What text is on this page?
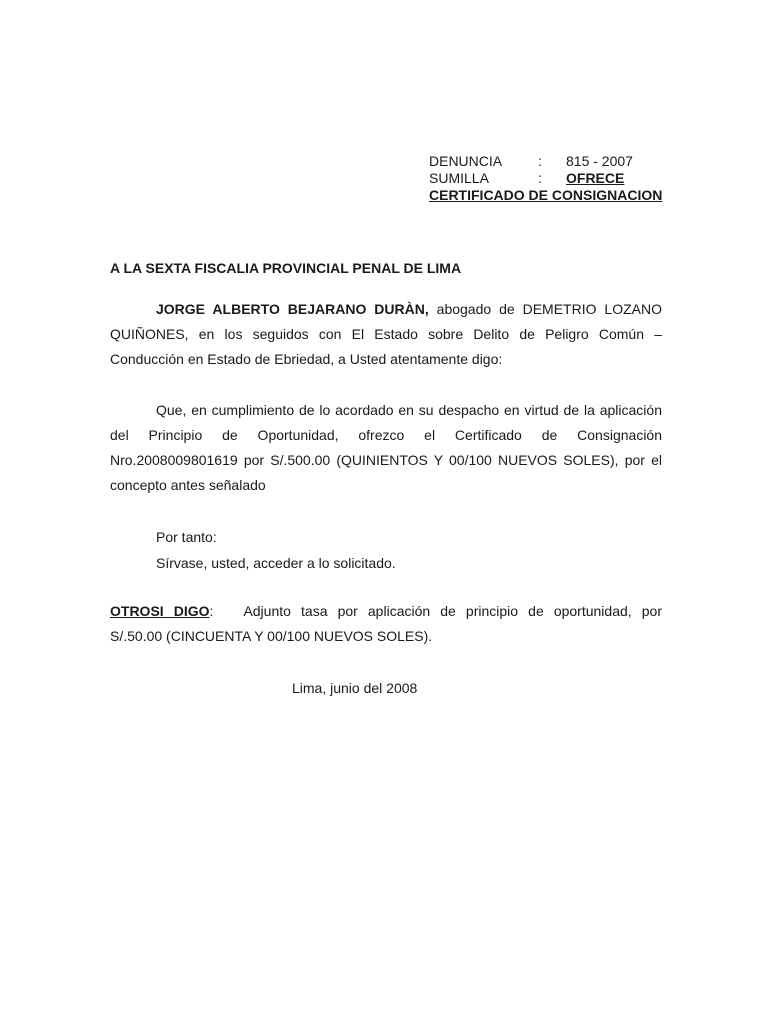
DENUNCIA	: 815 - 2007
SUMILLA	: OFRECE
CERTIFICADO DE CONSIGNACION
A LA SEXTA FISCALIA PROVINCIAL PENAL DE LIMA

JORGE ALBERTO BEJARANO DURÀN, abogado de DEMETRIO LOZANO QUIÑONES, en los seguidos con El Estado sobre Delito de Peligro Común – Conducción en Estado de Ebriedad, a Usted atentamente digo:

Que, en cumplimiento de lo acordado en su despacho en virtud de la aplicación del Principio de Oportunidad, ofrezco el Certificado de Consignación Nro.2008009801619 por S/.500.00 (QUINIENTOS Y 00/100 NUEVOS SOLES), por el concepto antes señalado

Por tanto:

Sírvase, usted, acceder a lo solicitado.

OTROSI DIGO: Adjunto tasa por aplicación de principio de oportunidad, por S/.50.00 (CINCUENTA Y 00/100 NUEVOS SOLES).

Lima, junio del 2008
